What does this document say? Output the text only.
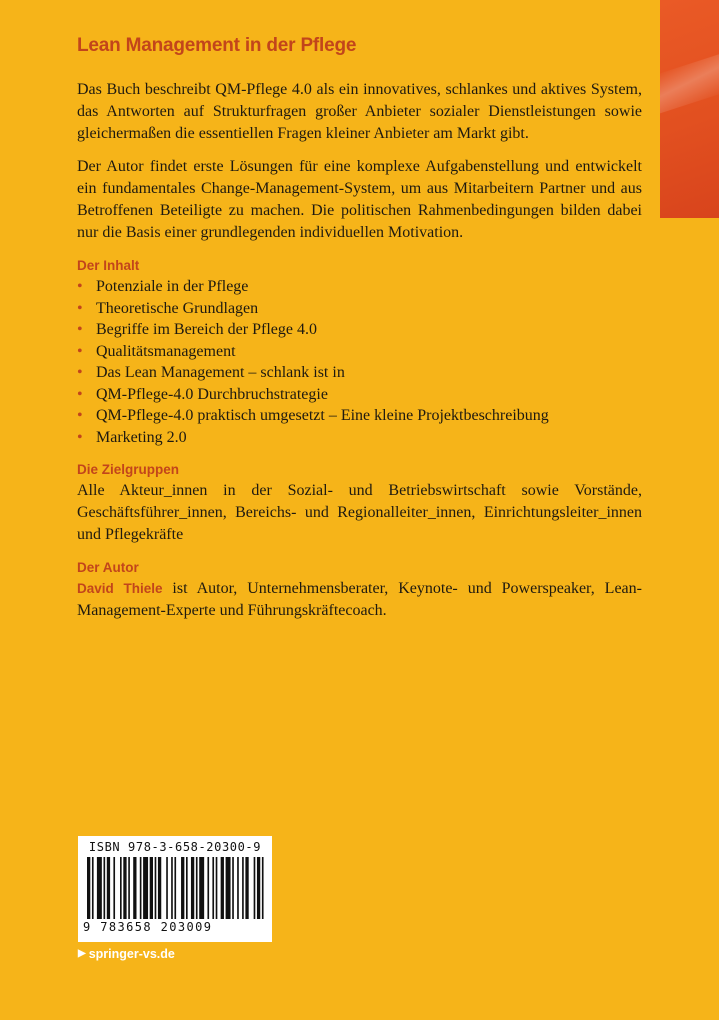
Lean Management in der Pflege

Das Buch beschreibt QM-Pflege 4.0 als ein innovatives, schlankes und aktives System, das Antworten auf Strukturfragen großer Anbieter sozialer Dienstleistungen sowie gleichermaßen die essentiellen Fragen kleiner Anbieter am Markt gibt.

Der Autor findet erste Lösungen für eine komplexe Aufgabenstellung und entwickelt ein fundamentales Change-Management-System, um aus Mitarbeitern Partner und aus Betroffenen Beteiligte zu machen. Die politischen Rahmenbedingungen bilden dabei nur die Basis einer grundlegenden individuellen Motivation.

Der Inhalt
• Potenziale in der Pflege
• Theoretische Grundlagen
• Begriffe im Bereich der Pflege 4.0
• Qualitätsmanagement
• Das Lean Management – schlank ist in
• QM-Pflege-4.0 Durchbruchstrategie
• QM-Pflege-4.0 praktisch umgesetzt – Eine kleine Projektbeschreibung
• Marketing 2.0
Die Zielgruppen

Alle Akteur_innen in der Sozial- und Betriebswirtschaft sowie Vorstände, Geschäftsführer_innen, Bereichs- und Regionalleiter_innen, Einrichtungsleiter_innen und Pflegekräfte

Der Autor

David Thiele ist Autor, Unternehmensberater, Keynote- und Powerspeaker, Lean-Management-Experte und Führungskräftecoach.

ISBN 978-3-658-20300-9
9 783658 203009
▶ springer-vs.de
